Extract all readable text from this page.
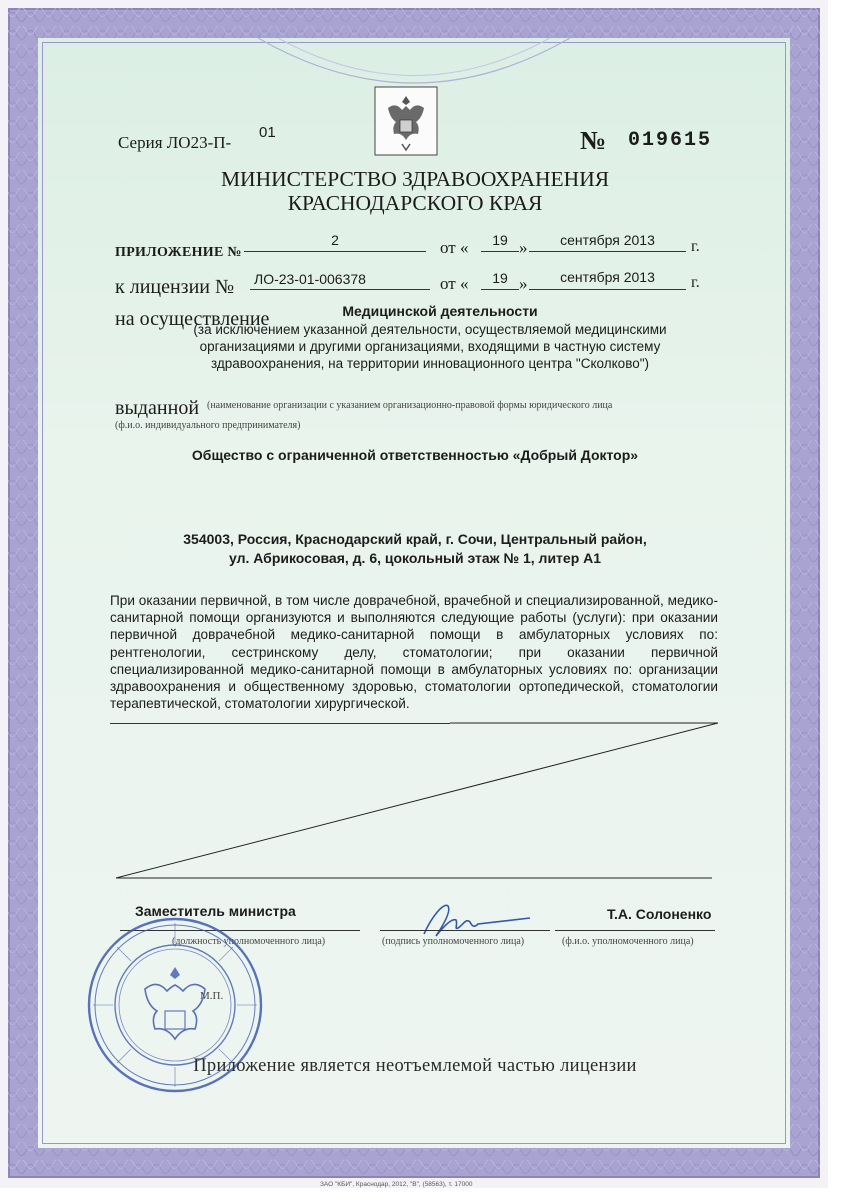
Серия ЛО23-П-
01	№ 019615
МИНИСТЕРСТВО ЗДРАВООХРАНЕНИЯ
КРАСНОДАРСКОГО КРАЯ
ПРИЛОЖЕНИЕ №
2	от «	19 »	сентября 2013	г.
к лицензии № ЛО-23-01-006378	от «	19 »	сентября 2013	г.
на осуществление	Медицинской деятельности
(за исключением указанной деятельности, осуществляемой медицинскими
организациями и другими организациями, входящими в частную систему
здравоохранения, на территории инновационного центра "Сколково")
выданной (наименование организации с указанием организационно-правовой формы юридического лица
(ф.и.о. индивидуального предпринимателя)
Общество с ограниченной ответственностью «Добрый Доктор»
354003, Россия, Краснодарский край, г. Сочи, Центральный район,
ул. Абрикосовая, д. 6, цокольный этаж № 1, литер А1
При оказании первичной, в том числе доврачебной, врачебной и специализированной, медико-санитарной помощи организуются и выполняются следующие работы (услуги): при оказании первичной доврачебной медико-санитарной помощи в амбулаторных условиях по: рентгенологии, сестринскому делу, стоматологии; при оказании первичной специализированной медико-санитарной помощи в амбулаторных условиях по: организации здравоохранения и общественному здоровью, стоматологии ортопедической, стоматологии терапевтической, стоматологии хирургической.
Заместитель министра
(должность уполномоченного лица)	(подпись уполномоченного лица)
Т.А. Солоненко
(ф.и.о. уполномоченного лица)
М.П.
Приложение является неотъемлемой частью лицензии
ЗАО "КБИ", Краснодар, 2012, "В", (58563), т. 17000
